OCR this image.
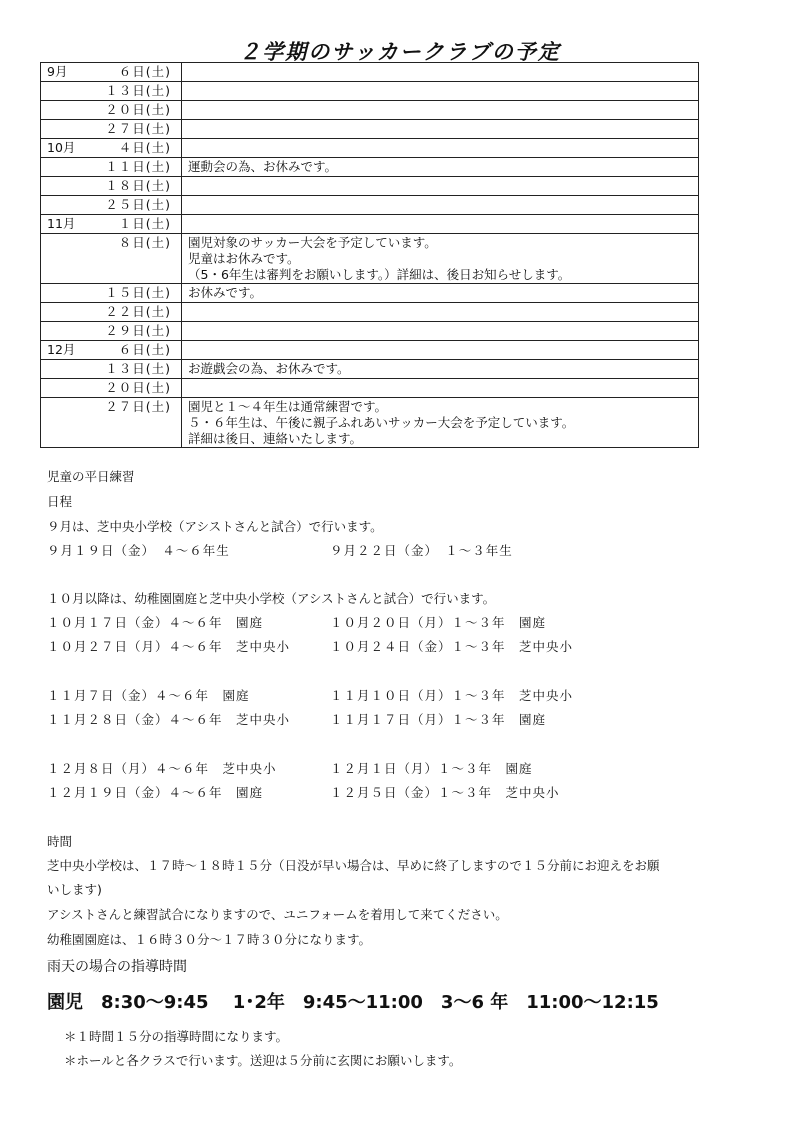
２学期のサッカークラブの予定
9月 ６日(土)	

１３日(土)	

２０日(土)	

２７日(土)	

10月 ４日(土)	

１１日(土)	運動会の為、お休みです。

１８日(土)	

２５日(土)	

11月 １日(土)	

８日(土)	園児対象のサッカー大会を予定しています。
児童はお休みです。
（5・6年生は審判をお願いします。）詳細は、後日お知らせします。

１５日(土)	お休みです。

２２日(土)	

２９日(土)	

12月 ６日(土)	

１３日(土)	お遊戯会の為、お休みです。

２０日(土)	

２７日(土)	園児と１～４年生は通常練習です。
５・６年生は、午後に親子ふれあいサッカー大会を予定しています。
詳細は後日、連絡いたします。
児童の平日練習
日程
９月は、芝中央小学校（アシストさんと試合）で行います。
９月１９日（金）　４～６年生	９月２２日（金）　１～３年生
１０月以降は、幼稚園園庭と芝中央小学校（アシストさんと試合）で行います。
１０月１７日（金）４～６年　園庭	１０月２０日（月）１～３年　園庭
１０月２７日（月）４～６年　芝中央小	１０月２４日（金）１～３年　芝中央小
１１月７日（金）４～６年　園庭	１１月１０日（月）１～３年　芝中央小
１１月２８日（金）４～６年　芝中央小	１１月１７日（月）１～３年　園庭
１２月８日（月）４～６年　芝中央小	１２月１日（月）１～３年　園庭
１２月１９日（金）４～６年　園庭	１２月５日（金）１～３年　芝中央小
時間
芝中央小学校は、１７時～１８時１５分（日没が早い場合は、早めに終了しますので１５分前にお迎えをお願
いします)
アシストさんと練習試合になりますので、ユニフォームを着用して来てください。
幼稚園園庭は、１６時３０分～１７時３０分になります。
雨天の場合の指導時間
園児　8:30～9:45　 1･2年　9:45～11:00　3～6 年　11:00～12:15
＊１時間１５分の指導時間になります。
＊ホールと各クラスで行います。送迎は５分前に玄関にお願いします。
